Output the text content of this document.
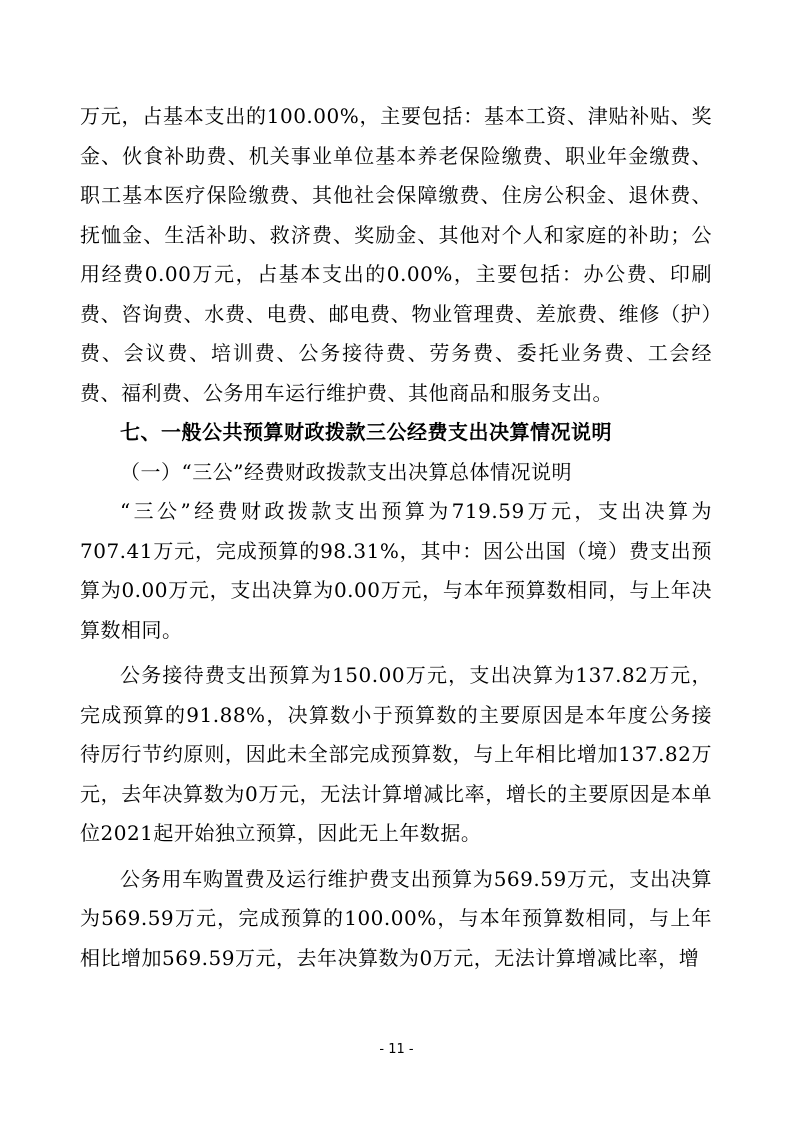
万元，占基本支出的100.00%，主要包括：基本工资、津贴补贴、奖金、伙食补助费、机关事业单位基本养老保险缴费、职业年金缴费、职工基本医疗保险缴费、其他社会保障缴费、住房公积金、退休费、抚恤金、生活补助、救济费、奖励金、其他对个人和家庭的补助；公用经费0.00万元，占基本支出的0.00%，主要包括：办公费、印刷费、咨询费、水费、电费、邮电费、物业管理费、差旅费、维修（护）费、会议费、培训费、公务接待费、劳务费、委托业务费、工会经费、福利费、公务用车运行维护费、其他商品和服务支出。

七、一般公共预算财政拨款三公经费支出决算情况说明

（一）“三公”经费财政拨款支出决算总体情况说明

“三公”经费财政拨款支出预算为719.59万元，支出决算为707.41万元，完成预算的98.31%，其中：因公出国（境）费支出预算为0.00万元，支出决算为0.00万元，与本年预算数相同，与上年决算数相同。

公务接待费支出预算为150.00万元，支出决算为137.82万元，完成预算的91.88%，决算数小于预算数的主要原因是本年度公务接待厉行节约原则，因此未全部完成预算数，与上年相比增加137.82万元，去年决算数为0万元，无法计算增减比率，增长的主要原因是本单位2021起开始独立预算，因此无上年数据。

公务用车购置费及运行维护费支出预算为569.59万元，支出决算为569.59万元，完成预算的100.00%，与本年预算数相同，与上年相比增加569.59万元，去年决算数为0万元，无法计算增减比率，增

- 11 -
